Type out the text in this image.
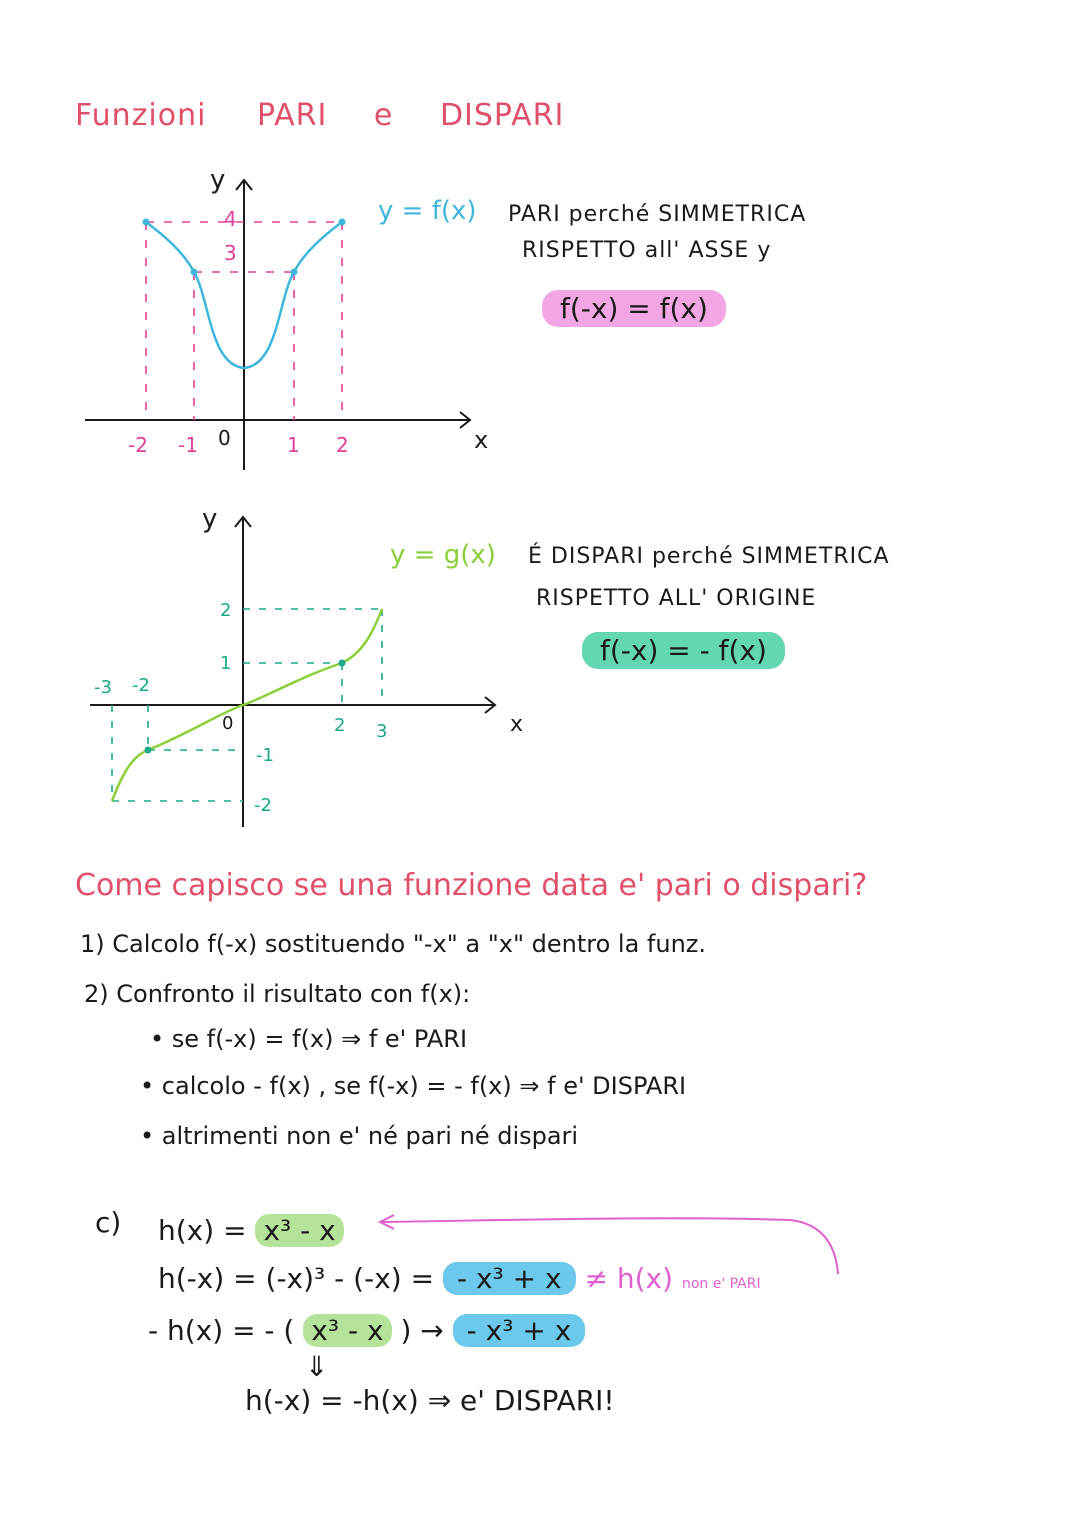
Funzioni PARI e DISPARI
-2 -1	1 2
4
3
0
y
x
y = f(x) PARI perché SIMMETRICA
RISPETTO all' ASSE y
f(-x) = f(x)
-3 -2
2 3
2
1
-1
-2
0
y
x
y = g(x) É DISPARI perché SIMMETRICA
RISPETTO ALL' ORIGINE
f(-x) = - f(x)
Come capisco se una funzione data e' pari o dispari?
1) Calcolo f(-x) sostituendo "-x" a "x" dentro la funz.
2) Confronto il risultato con f(x):
• se f(-x) = f(x) ⇒ f e' PARI
• calcolo - f(x) , se f(-x) = - f(x) ⇒ f e' DISPARI
• altrimenti non e' né pari né dispari
c) h(x) = x³ - x
h(-x) = (-x)³ - (-x) = - x³ + x ≠ h(x) non e' PARI
- h(x) = - ( x³ - x ) → - x³ + x
⇓
h(-x) = -h(x) ⇒ e' DISPARI!
